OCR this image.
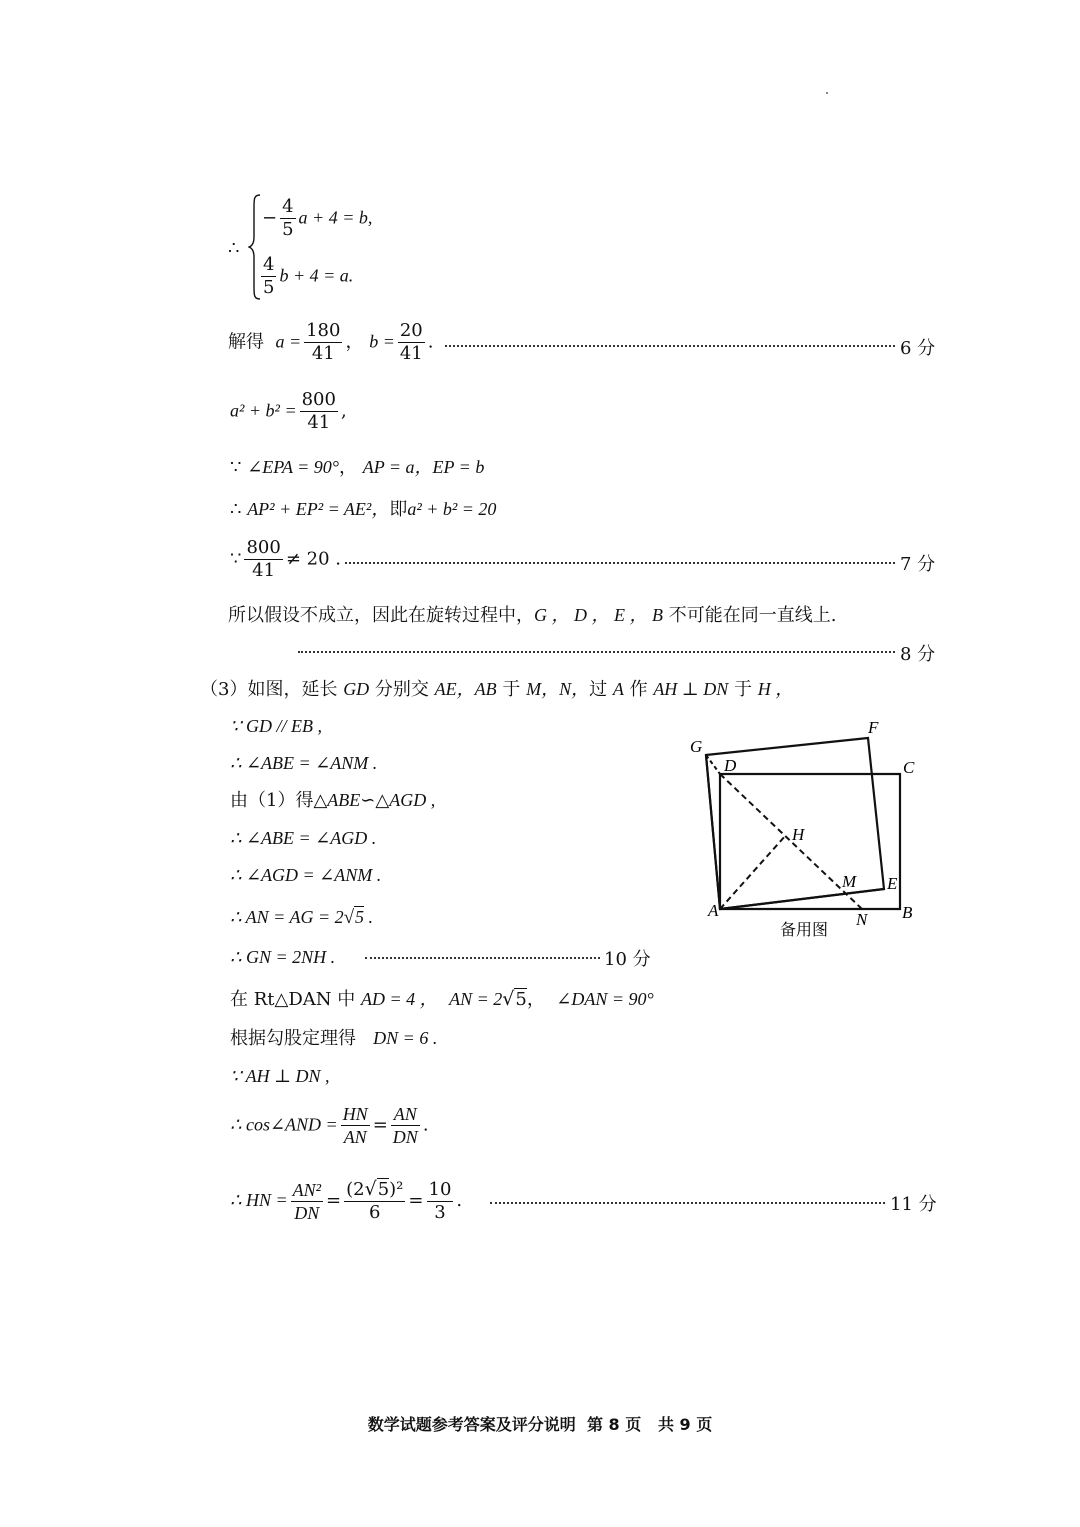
∴
− $\frac{4}{5}$ a + 4 = b,
$\frac{4}{5}$ b + 4 = a.
解得 $a = \frac{180}{41}$ ， $b = \frac{20}{41}$ .	6 分
$a^2 + b^2 = \frac{800}{41}$ ,
∵ ∠EPA = 90°， AP = a，EP = b
∴ AP² + EP² = AE²，即a² + b² = 20
∵ $\frac{800}{41} \ne 20$ .	7 分
所以假设不成立，因此在旋转过程中，G ， D ， E ， B 不可能在同一直线上.
8 分
（3）如图，延长 GD 分别交 AE，AB 于 M，N，过 A 作 AH ⊥ DN 于 H ，
∵ GD // EB ,
∴ ∠ABE = ∠ANM .
由（1）得△ABE∽△AGD ,
∴ ∠ABE = ∠AGD .
∴ ∠AGD = ∠ANM .
∴ AN = AG = 2√5 .
∴ GN = 2NH .	10 分
在 Rt△DAN 中 AD = 4 ， AN = 2√5， ∠DAN = 90°
根据勾股定理得 DN = 6 .
∵ AH ⊥ DN ,
∴ cos∠AND = $\frac{HN}{AN} = \frac{AN}{DN}$ .
∴ HN = $\frac{\text{AN²}}{DN} = \frac{\text{(2√5)²}}{6} = \frac{10}{3}$ .	11 分
G
F
D	C
H
M E
A	N B
备用图
数学试题参考答案及评分说明 第 8 页 共 9 页
